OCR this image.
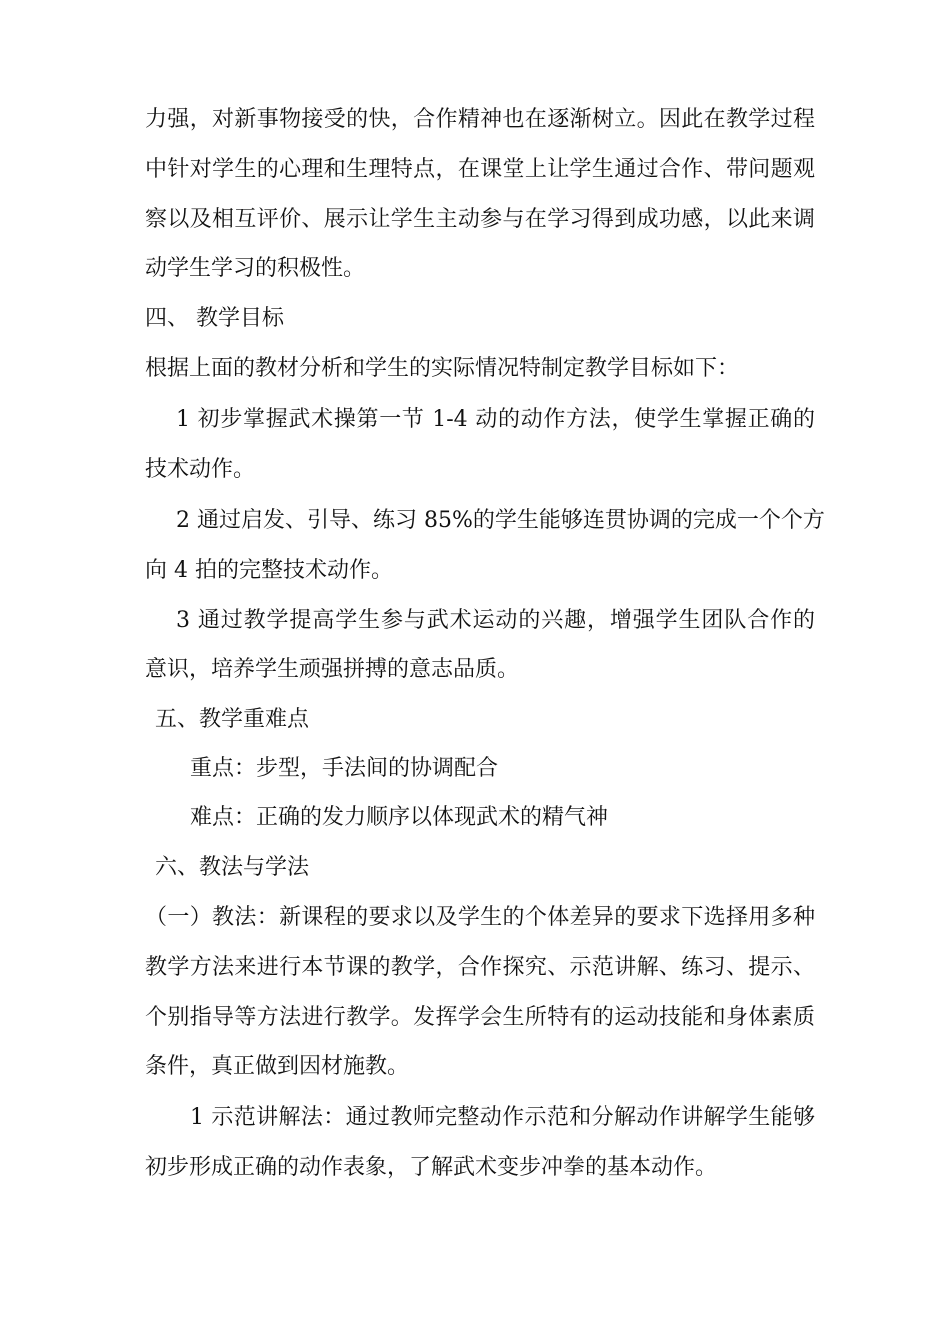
力强，对新事物接受的快，合作精神也在逐渐树立。因此在教学过程
中针对学生的心理和生理特点，在课堂上让学生通过合作、带问题观
察以及相互评价、展示让学生主动参与在学习得到成功感，以此来调
动学生学习的积极性。
四、 教学目标
根据上面的教材分析和学生的实际情况特制定教学目标如下：
1 初步掌握武术操第一节 1-4 动的动作方法，使学生掌握正确的
技术动作。
2 通过启发、引导、练习 85%的学生能够连贯协调的完成一个个方
向 4 拍的完整技术动作。
3 通过教学提高学生参与武术运动的兴趣，增强学生团队合作的
意识，培养学生顽强拼搏的意志品质。
五、教学重难点
重点：步型，手法间的协调配合
难点：正确的发力顺序以体现武术的精气神
六、教法与学法
（一）教法：新课程的要求以及学生的个体差异的要求下选择用多种
教学方法来进行本节课的教学，合作探究、示范讲解、练习、提示、
个别指导等方法进行教学。发挥学会生所特有的运动技能和身体素质
条件，真正做到因材施教。
1 示范讲解法：通过教师完整动作示范和分解动作讲解学生能够
初步形成正确的动作表象，了解武术变步冲拳的基本动作。
